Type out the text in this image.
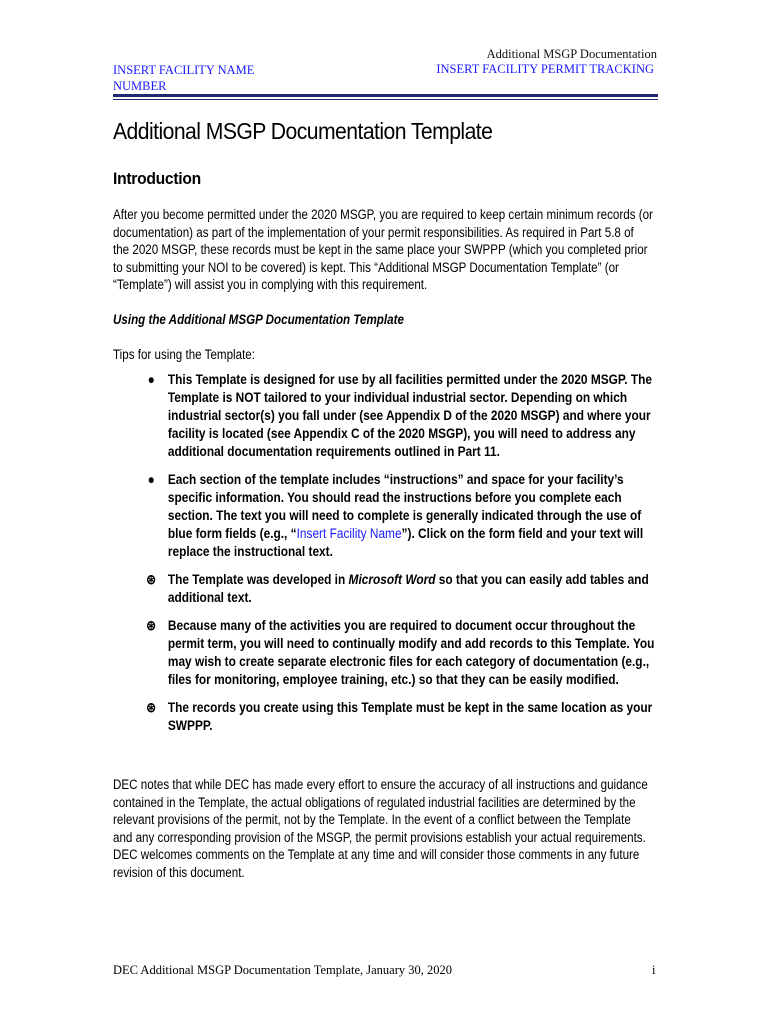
Additional MSGP Documentation
INSERT FACILITY NAME
NUMBER
INSERT FACILITY PERMIT TRACKING
Additional MSGP Documentation Template
Introduction

After you become permitted under the 2020 MSGP, you are required to keep certain minimum records (or documentation) as part of the implementation of your permit responsibilities. As required in Part 5.8 of the 2020 MSGP, these records must be kept in the same place your SWPPP (which you completed prior to submitting your NOI to be covered) is kept. This “Additional MSGP Documentation Template” (or “Template”) will assist you in complying with this requirement.

Using the Additional MSGP Documentation Template

Tips for using the Template:

● This Template is designed for use by all facilities permitted under the 2020 MSGP. The Template is NOT tailored to your individual industrial sector. Depending on which industrial sector(s) you fall under (see Appendix D of the 2020 MSGP) and where your facility is located (see Appendix C of the 2020 MSGP), you will need to address any additional documentation requirements outlined in Part 11.
● Each section of the template includes “instructions” and space for your facility’s specific information. You should read the instructions before you complete each section. The text you will need to complete is generally indicated through the use of blue form fields (e.g., “Insert Facility Name”). Click on the form field and your text will replace the instructional text.
⊛ The Template was developed in Microsoft Word so that you can easily add tables and additional text.
⊛ Because many of the activities you are required to document occur throughout the permit term, you will need to continually modify and add records to this Template. You may wish to create separate electronic files for each category of documentation (e.g., files for monitoring, employee training, etc.) so that they can be easily modified.
⊛ The records you create using this Template must be kept in the same location as your SWPPP.

DEC notes that while DEC has made every effort to ensure the accuracy of all instructions and guidance contained in the Template, the actual obligations of regulated industrial facilities are determined by the relevant provisions of the permit, not by the Template. In the event of a conflict between the Template and any corresponding provision of the MSGP, the permit provisions establish your actual requirements. DEC welcomes comments on the Template at any time and will consider those comments in any future revision of this document.

DEC Additional MSGP Documentation Template, January 30, 2020	i
